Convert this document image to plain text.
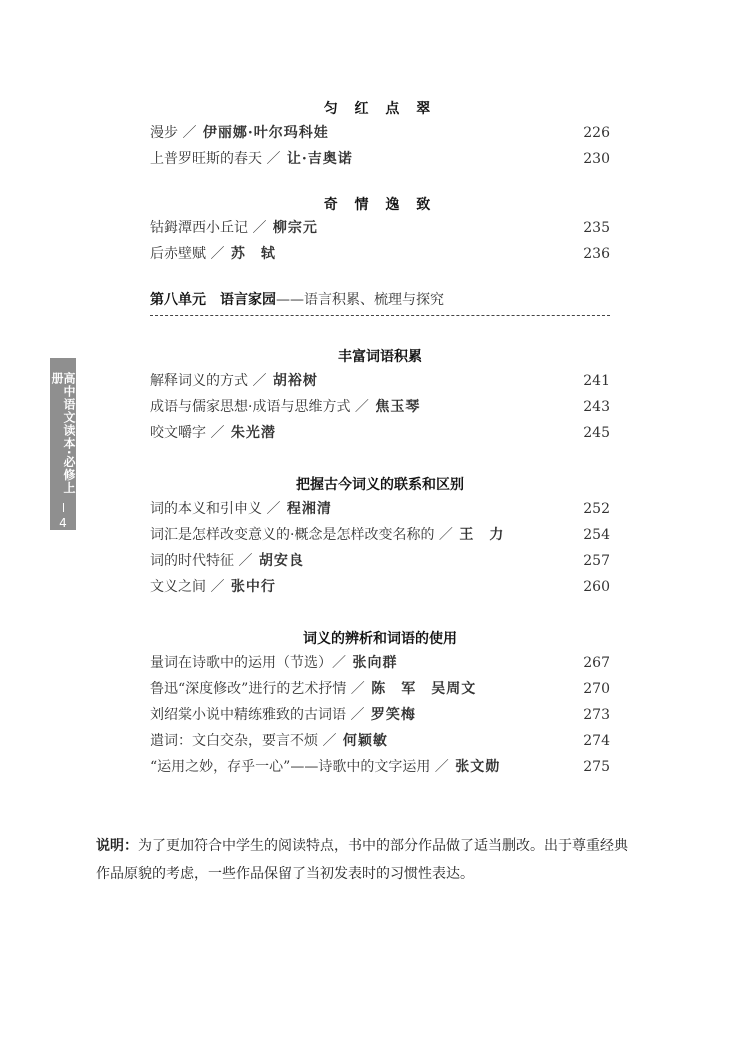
高中语文读本·必修上册
4
匀 红 点 翠
漫步 ／ 伊丽娜·叶尔玛科娃	226
上普罗旺斯的春天 ／ 让·吉奥诺	230
奇 情 逸 致
钴鉧潭西小丘记 ／ 柳宗元	235
后赤壁赋 ／ 苏　轼	236
第八单元　语言家园——语言积累、梳理与探究
丰富词语积累
解释词义的方式 ／ 胡裕树	241
成语与儒家思想·成语与思维方式 ／ 焦玉琴	243
咬文嚼字 ／ 朱光潜	245
把握古今词义的联系和区别
词的本义和引申义 ／ 程湘清	252
词汇是怎样改变意义的·概念是怎样改变名称的 ／ 王　力	254
词的时代特征 ／ 胡安良	257
文义之间 ／ 张中行	260
词义的辨析和词语的使用
量词在诗歌中的运用（节选）／ 张向群	267
鲁迅“深度修改”进行的艺术抒情 ／ 陈　军　吴周文	270
刘绍棠小说中精练雅致的古词语 ／ 罗笑梅	273
遣词：文白交杂，要言不烦 ／ 何颖敏	274
“运用之妙，存乎一心”——诗歌中的文字运用 ／ 张文勋	275
说明：为了更加符合中学生的阅读特点，书中的部分作品做了适当删改。出于尊重经典
作品原貌的考虑，一些作品保留了当初发表时的习惯性表达。
